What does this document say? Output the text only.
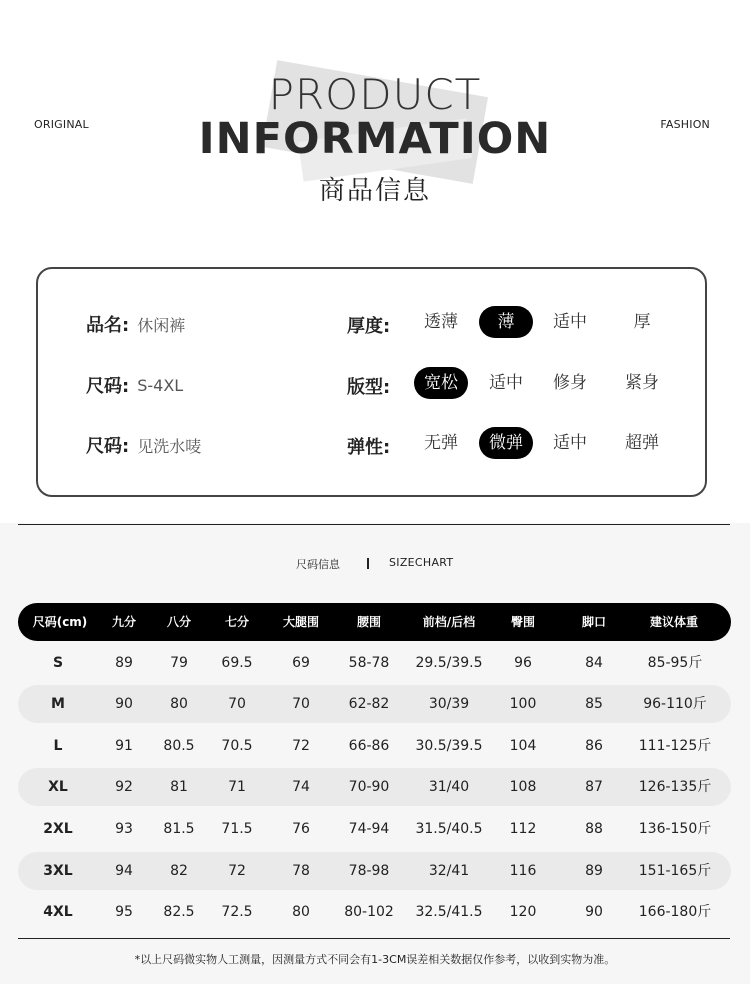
ORIGINAL	FASHION
PRODUCT
INFORMATION
商品信息
品名: 休闲裤
尺码: S-4XL
尺码: 见洗水唛
厚度:	透薄	薄	适中	厚
版型:	宽松	适中	修身	紧身
弹性:	无弹	微弹	适中	超弹
尺码信息	SIZECHART
尺码(cm)	九分	八分	七分	大腿围	腰围	前档/后档	臀围	脚口	建议体重
S	89	79	69.5	69	58-78	29.5/39.5	96	84	85-95斤
M	90	80	70	70	62-82	30/39	100	85	96-110斤
L	91	80.5	70.5	72	66-86	30.5/39.5	104	86	111-125斤
XL	92	81	71	74	70-90	31/40	108	87	126-135斤
2XL	93	81.5	71.5	76	74-94	31.5/40.5	112	88	136-150斤
3XL	94	82	72	78	78-98	32/41	116	89	151-165斤
4XL	95	82.5	72.5	80	80-102	32.5/41.5	120	90	166-180斤
*以上尺码微实物人工测量，因测量方式不同会有1-3CM误差相关数据仅作参考，以收到实物为准。
